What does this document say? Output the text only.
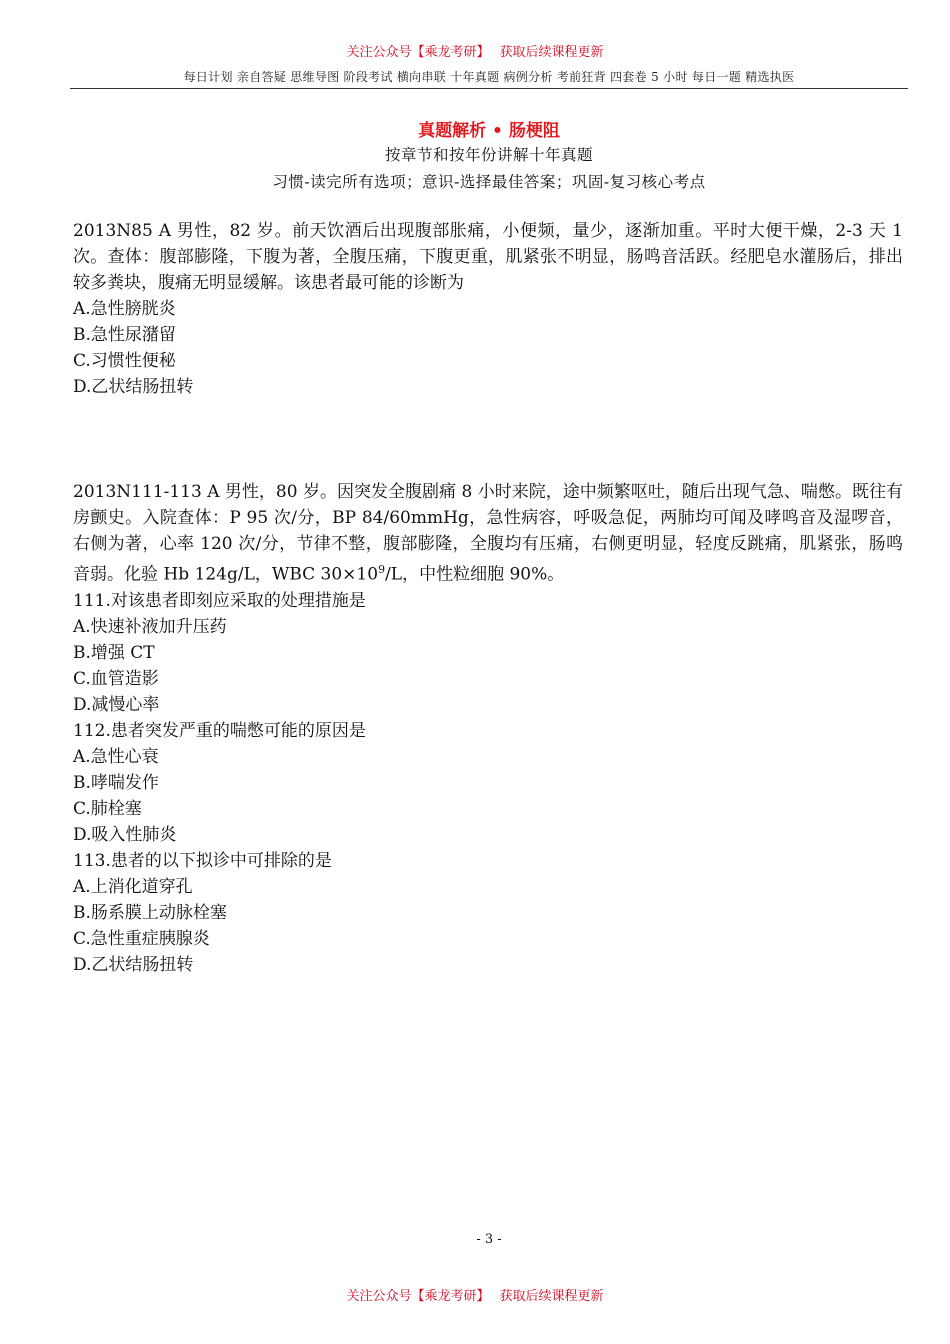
关注公众号【乘龙考研】 获取后续课程更新
每日计划 亲自答疑 思维导图 阶段考试 横向串联 十年真题 病例分析 考前狂背 四套卷 5 小时 每日一题 精选执医
真题解析 • 肠梗阻
按章节和按年份讲解十年真题
习惯-读完所有选项；意识-选择最佳答案；巩固-复习核心考点

2013N85 A 男性，82 岁。前天饮酒后出现腹部胀痛，小便频，量少，逐渐加重。平时大便干燥，2-3 天 1 次。查体：腹部膨隆，下腹为著，全腹压痛，下腹更重，肌紧张不明显，肠鸣音活跃。经肥皂水灌肠后，排出较多粪块，腹痛无明显缓解。该患者最可能的诊断为

A.急性膀胱炎

B.急性尿潴留

C.习惯性便秘

D.乙状结肠扭转

2013N111-113 A 男性，80 岁。因突发全腹剧痛 8 小时来院，途中频繁呕吐，随后出现气急、喘憋。既往有房颤史。入院查体：P 95 次/分，BP 84/60mmHg，急性病容，呼吸急促，两肺均可闻及哮鸣音及湿啰音，右侧为著，心率 120 次/分，节律不整，腹部膨隆，全腹均有压痛，右侧更明显，轻度反跳痛，肌紧张，肠鸣音弱。化验 Hb 124g/L，WBC $30\times 10^9/L$，中性粒细胞 90%。

111.对该患者即刻应采取的处理措施是

A.快速补液加升压药

B.增强 CT

C.血管造影

D.减慢心率

112.患者突发严重的喘憋可能的原因是

A.急性心衰

B.哮喘发作

C.肺栓塞

D.吸入性肺炎

113.患者的以下拟诊中可排除的是

A.上消化道穿孔

B.肠系膜上动脉栓塞

C.急性重症胰腺炎

D.乙状结肠扭转

- 3 -
关注公众号【乘龙考研】 获取后续课程更新
